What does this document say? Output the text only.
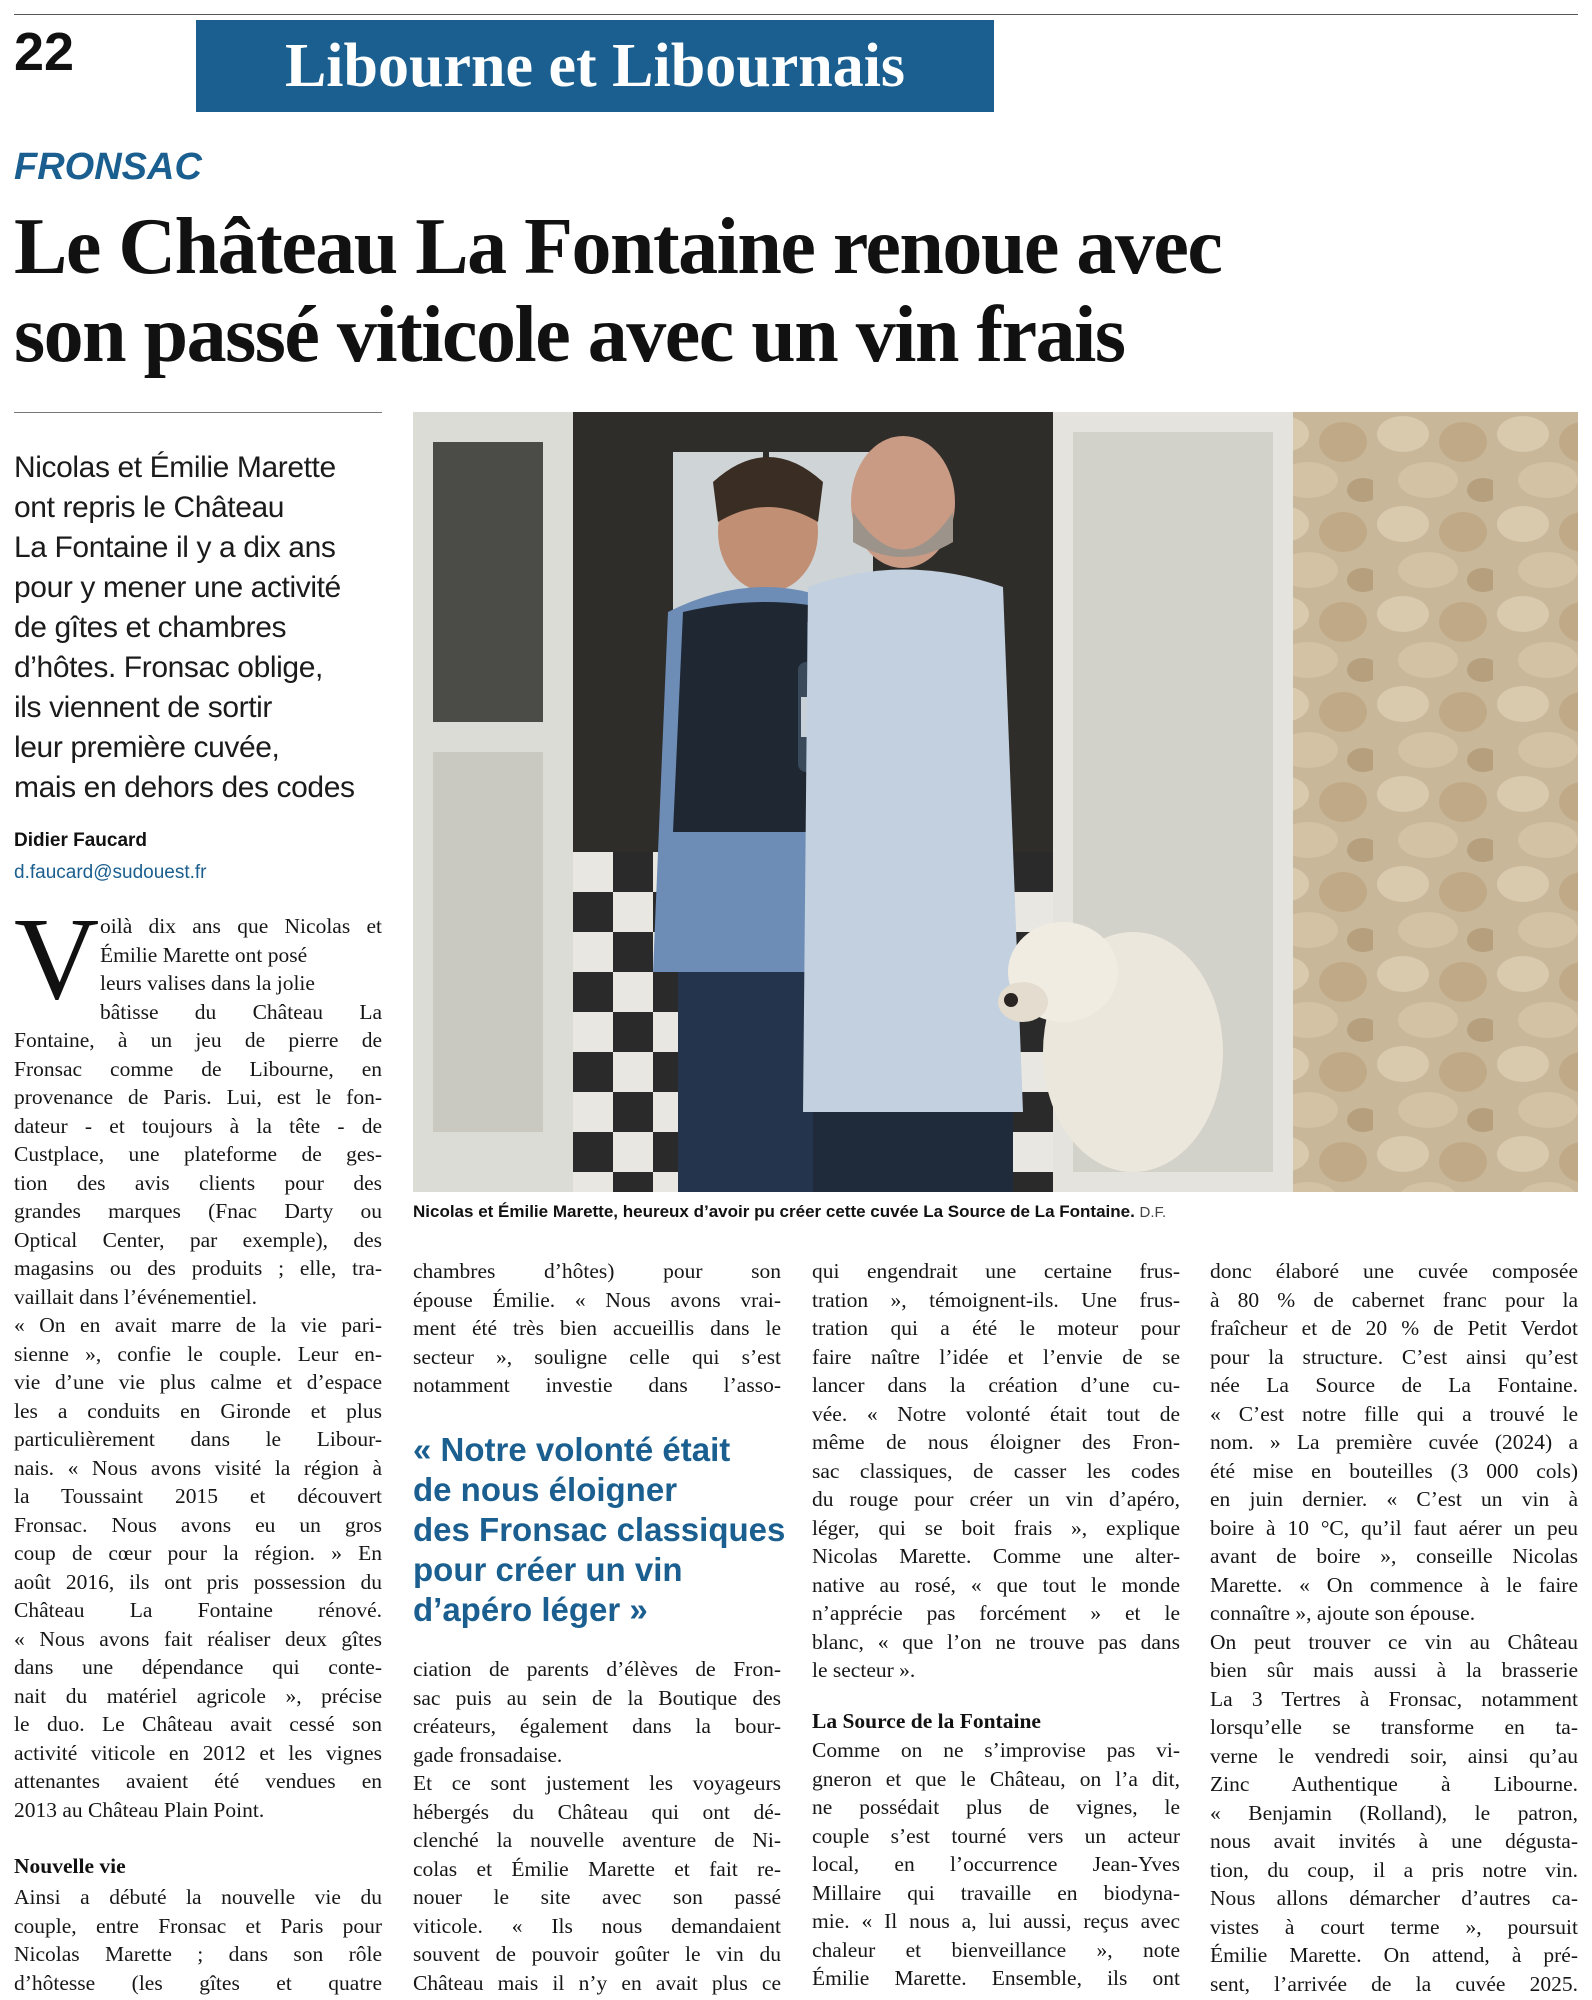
22	Libourne et Libournais
FRONSAC
Le Château La Fontaine renoue avec
son passé viticole avec un vin frais
Nicolas et Émilie Marette
ont repris le Château
La Fontaine il y a dix ans
pour y mener une activité
de gîtes et chambres
d’hôtes. Fronsac oblige,
ils viennent de sortir
leur première cuvée,
mais en dehors des codes
Didier Faucard
d.faucard@sudouest.fr
V
Nicolas et Émilie Marette, heureux d’avoir pu créer cette cuvée La Source de La Fontaine. D.F.
« Notre volonté était
de nous éloigner
des Fronsac classiques
pour créer un vin
d’apéro léger »
Nouvelle vie
La Source de la Fontaine
oilà dix ans que Nicolas et
Émilie Marette ont posé
leurs valises dans la jolie
bâtisse du Château La
Fontaine, à un jeu de pierre de
Fronsac comme de Libourne, en
provenance de Paris. Lui, est le fon-
dateur - et toujours à la tête - de
Custplace, une plateforme de ges-
tion des avis clients pour des
grandes marques (Fnac Darty ou
Optical Center, par exemple), des
magasins ou des produits ; elle, tra-
vaillait dans l’événementiel.
« On en avait marre de la vie pari-
sienne », confie le couple. Leur en-
vie d’une vie plus calme et d’espace
les a conduits en Gironde et plus
particulièrement dans le Libour-
nais. « Nous avons visité la région à
la Toussaint 2015 et découvert
Fronsac. Nous avons eu un gros
coup de cœur pour la région. » En
août 2016, ils ont pris possession du
Château La Fontaine rénové.
« Nous avons fait réaliser deux gîtes
dans une dépendance qui conte-
nait du matériel agricole », précise
le duo. Le Château avait cessé son
activité viticole en 2012 et les vignes
attenantes avaient été vendues en
2013 au Château Plain Point.
Ainsi a débuté la nouvelle vie du
couple, entre Fronsac et Paris pour
Nicolas Marette ; dans son rôle
d’hôtesse (les gîtes et quatre
chambres d’hôtes) pour son
épouse Émilie. « Nous avons vrai-
ment été très bien accueillis dans le
secteur », souligne celle qui s’est
notamment investie dans l’asso-
ciation de parents d’élèves de Fron-
sac puis au sein de la Boutique des
créateurs, également dans la bour-
gade fronsadaise.
Et ce sont justement les voyageurs
hébergés du Château qui ont dé-
clenché la nouvelle aventure de Ni-
colas et Émilie Marette et fait re-
nouer le site avec son passé
viticole. « Ils nous demandaient
souvent de pouvoir goûter le vin du
Château mais il n’y en avait plus ce
qui engendrait une certaine frus-
tration », témoignent-ils. Une frus-
tration qui a été le moteur pour
faire naître l’idée et l’envie de se
lancer dans la création d’une cu-
vée. « Notre volonté était tout de
même de nous éloigner des Fron-
sac classiques, de casser les codes
du rouge pour créer un vin d’apéro,
léger, qui se boit frais », explique
Nicolas Marette. Comme une alter-
native au rosé, « que tout le monde
n’apprécie pas forcément » et le
blanc, « que l’on ne trouve pas dans
le secteur ».
Comme on ne s’improvise pas vi-
gneron et que le Château, on l’a dit,
ne possédait plus de vignes, le
couple s’est tourné vers un acteur
local, en l’occurrence Jean-Yves
Millaire qui travaille en biodyna-
mie. « Il nous a, lui aussi, reçus avec
chaleur et bienveillance », note
Émilie Marette. Ensemble, ils ont
donc élaboré une cuvée composée
à 80 % de cabernet franc pour la
fraîcheur et de 20 % de Petit Verdot
pour la structure. C’est ainsi qu’est
née La Source de La Fontaine.
« C’est notre fille qui a trouvé le
nom. » La première cuvée (2024) a
été mise en bouteilles (3 000 cols)
en juin dernier. « C’est un vin à
boire à 10 °C, qu’il faut aérer un peu
avant de boire », conseille Nicolas
Marette. « On commence à le faire
connaître », ajoute son épouse.
On peut trouver ce vin au Château
bien sûr mais aussi à la brasserie
La 3 Tertres à Fronsac, notamment
lorsqu’elle se transforme en ta-
verne le vendredi soir, ainsi qu’au
Zinc Authentique à Libourne.
« Benjamin (Rolland), le patron,
nous avait invités à une dégusta-
tion, du coup, il a pris notre vin.
Nous allons démarcher d’autres ca-
vistes à court terme », poursuit
Émilie Marette. On attend, à pré-
sent, l’arrivée de la cuvée 2025.
